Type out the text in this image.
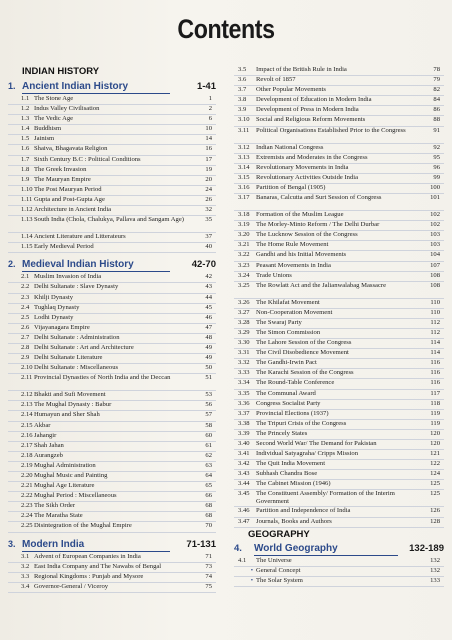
Contents
INDIAN HISTORY
1. Ancient Indian History	1-41
1.1 The Stone Age	1
1.2 Indus Valley Civilisation	2
1.3 The Vedic Age	6
1.4 Buddhism	10
1.5 Jainism	14
1.6 Shaiva, Bhagavata Religion	16
1.7 Sixth Century B.C : Political Conditions	17
1.8 The Greek Invasion	19
1.9 The Mauryan Empire	20
1.10 The Post Mauryan Period	24
1.11 Gupta and Post-Gupta Age	26
1.12 Architecture in Ancient India	32
1.13 South India (Chola, Chalukya, Pallava and Sangam Age)	35
1.14 Ancient Literature and Litterateurs	37
1.15 Early Medieval Period	40
2. Medieval Indian History	42-70
2.1 Muslim Invasion of India	42
2.2 Delhi Sultanate : Slave Dynasty	43
2.3 Khilji Dynasty	44
2.4 Tughlaq Dynasty	45
2.5 Lodhi Dynasty	46
2.6 Vijayanagara Empire	47
2.7 Delhi Sultanate : Administration	48
2.8 Delhi Sultanate : Art and Architecture	49
2.9 Delhi Sultanate Literature	49
2.10 Delhi Sultanate : Miscellaneous	50
2.11 Provincial Dynasties of North India and the Deccan	51
2.12 Bhakti and Sufi Movement	53
2.13 The Mughal Dynasty : Babur	56
2.14 Humayun and Sher Shah	57
2.15 Akbar	58
2.16 Jahangir	60
2.17 Shah Jahan	61
2.18 Aurangzeb	62
2.19 Mughal Administration	63
2.20 Mughal Music and Painting	64
2.21 Mughal Age Literature	65
2.22 Mughal Period : Miscellaneous	66
2.23 The Sikh Order	68
2.24 The Maratha State	68
2.25 Disintegration of the Mughal Empire	70
3. Modern India	71-131
3.1 Advent of European Companies in India	71
3.2 East India Company and The Nawabs of Bengal	73
3.3 Regional Kingdoms : Punjab and Mysore	74
3.4 Governor-General / Viceroy	75
3.5	Impact of the British Rule in India	78
3.6	Revolt of 1857	79
3.7	Other Popular Movements	82
3.8	Development of Education in Modern India	84
3.9	Development of Press in Modern India	86
3.10 Social and Religious Reform Movements	88
3.11	Political Organisations Established Prior to the Congress	91
3.12 Indian National Congress	92
3.13 Extremists and Moderates in the Congress	95
3.14 Revolutionary Movements in India	96
3.15 Revolutionary Activities Outside India	99
3.16 Partition of Bengal (1905)	100
3.17 Banaras, Calcutta and Surt Session of Congress	101
3.18 Formation of the Muslim League	102
3.19 The Morley-Minto Reform / The Delhi Durbar	102
3.20 The Lucknow Session of the Congress	103
3.21 The Home Rule Movement	103
3.22 Gandhi and his Initial Movements	104
3.23 Peasant Movements in India	107
3.24 Trade Unions	108
3.25 The Rowlatt Act and the Jalianwalabag Massacre	108
3.26 The Khilafat Movement	110
3.27 Non-Cooperation Movement	110
3.28 The Swaraj Party	112
3.29 The Simon Commission	112
3.30 The Lahore Session of the Congress	114
3.31 The Civil Disobedience Movement	114
3.32 The Gandhi-Irwin Pact	116
3.33 The Karachi Session of the Congress	116
3.34 The Round-Table Conference	116
3.35 The Communal Award	117
3.36 Congress Socialist Party	118
3.37 Provincial Elections (1937)	119
3.38 The Tripuri Crisis of the Congress	119
3.39 The Princely States	120
3.40 Second World War/ The Demand for Pakistan	120
3.41 Individual Satyagraha/ Cripps Mission	121
3.42 The Quit India Movement	122
3.43 Subhash Chandra Bose	124
3.44 The Cabinet Mission (1946)	125
3.45 The Constituent Assembly/ Formation of the Interim Government
125
3.46 Partition and Independence of India	126
3.47 Journals, Books and Authors	128
GEOGRAPHY
4.	World Geography	132-189
4.1	The Universe	132
• General Concept	132
• The Solar System	133
